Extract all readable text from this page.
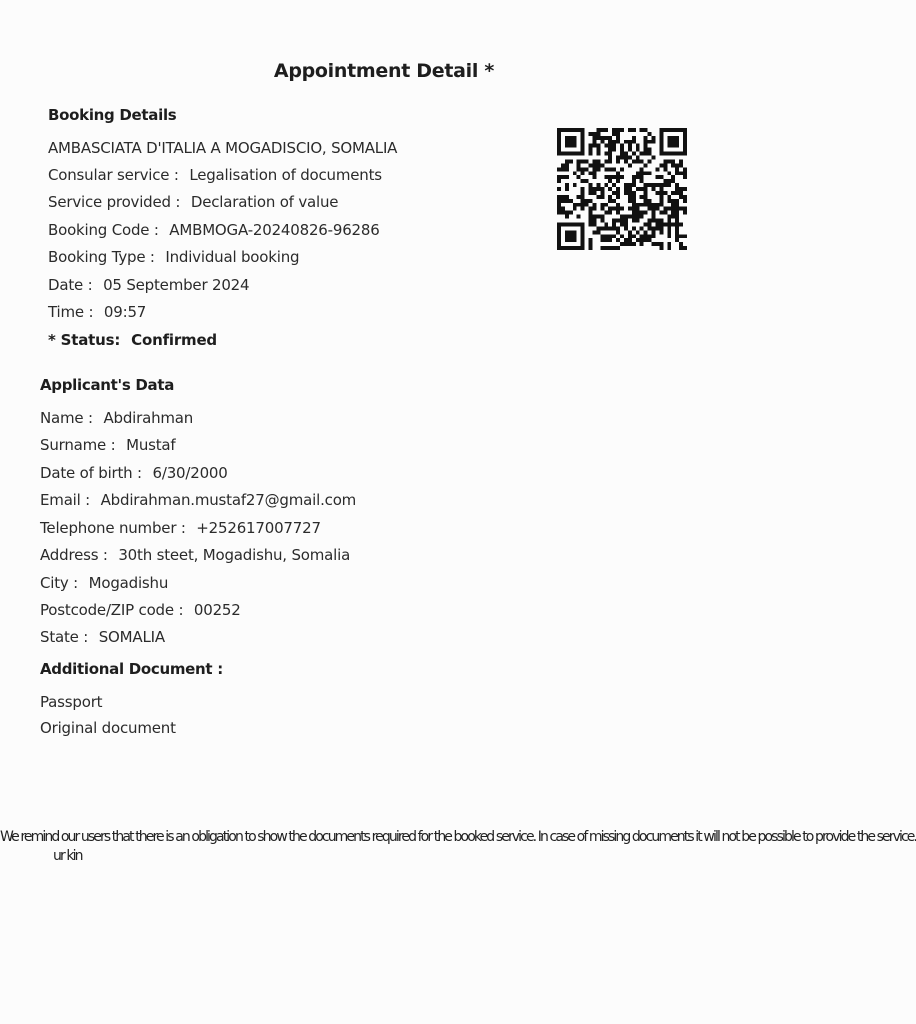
Appointment Detail *
Booking Details
AMBASCIATA D'ITALIA A MOGADISCIO, SOMALIA
Consular service : Legalisation of documents
Service provided : Declaration of value
Booking Code : AMBMOGA-20240826-96286
Booking Type : Individual booking
Date : 05 September 2024
Time : 09:57
* Status: Confirmed
Applicant's Data
Name : Abdirahman
Surname : Mustaf
Date of birth : 6/30/2000
Email : Abdirahman.mustaf27@gmail.com
Telephone number : +252617007727
Address : 30th steet, Mogadishu, Somalia
City : Mogadishu
Postcode/ZIP code : 00252
State : SOMALIA
Additional Document :
Passport
Original document
We remind our users that there is an obligation to show the documents required for the booked service. In case of missing documents it will not be possible to provide the service.
ur kin
